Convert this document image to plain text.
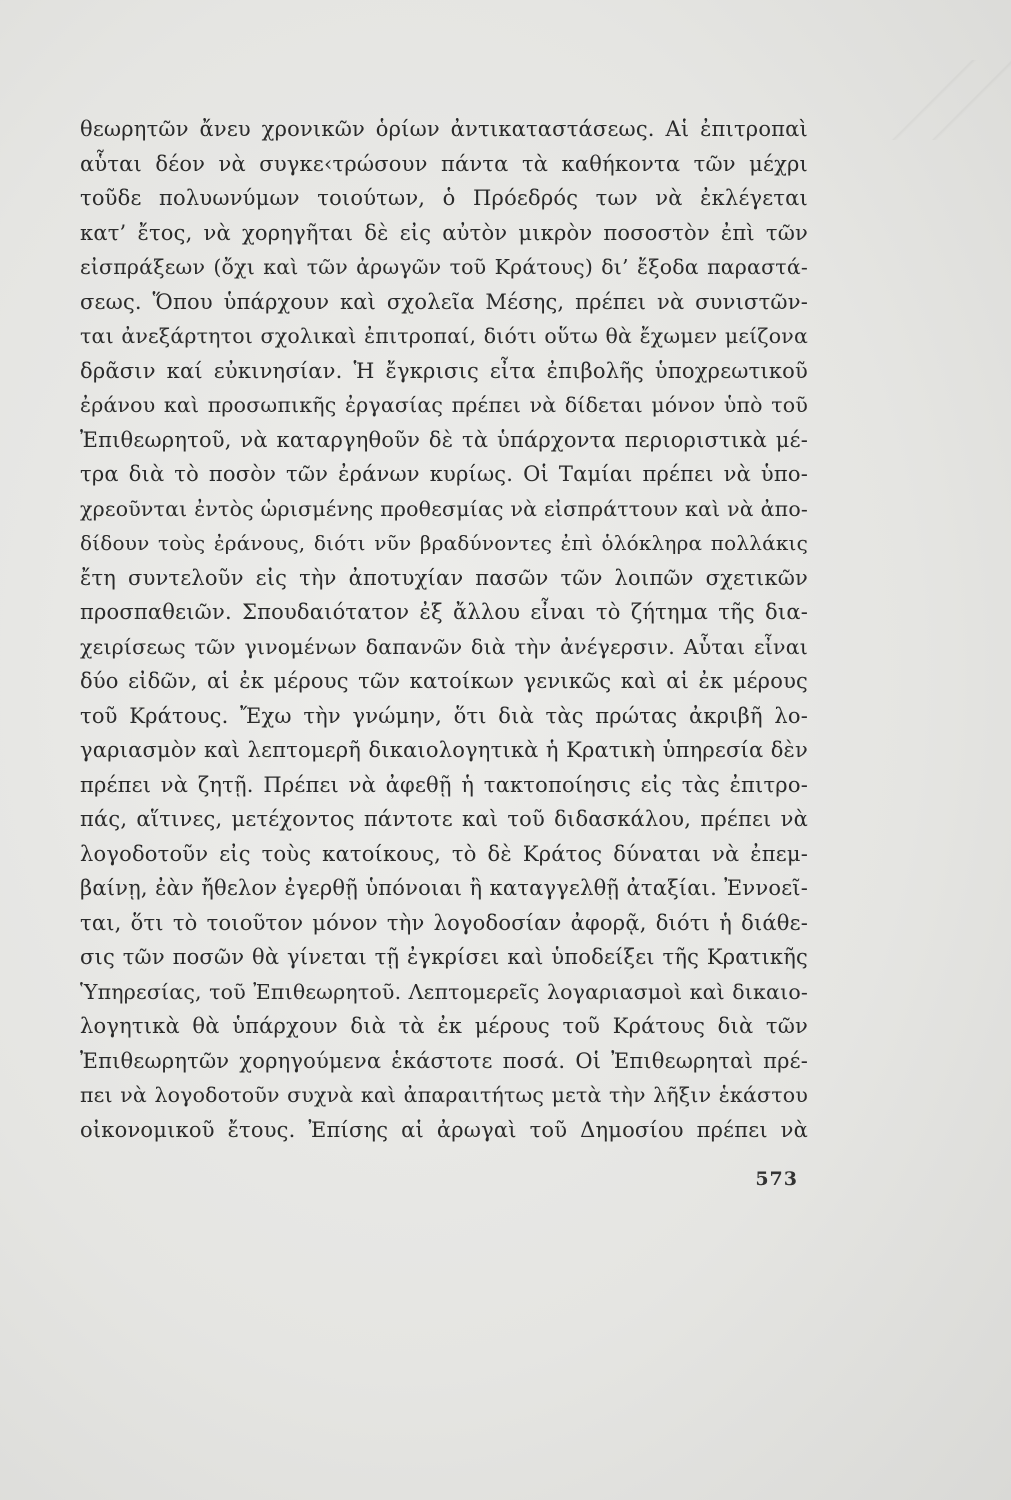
θεωρητῶν ἄνευ χρονικῶν ὁρίων ἀντικαταστάσεως. Αἱ ἐπιτροπαὶ
αὗται δέον νὰ συγκε‹τρώσουν πάντα τὰ καθήκοντα τῶν μέχρι
τοῦδε πολυωνύμων τοιούτων, ὁ Πρόεδρός των νὰ ἐκλέγεται
κατ’ ἔτος, νὰ χορηγῆται δὲ εἰς αὐτὸν μικρὸν ποσοστὸν ἐπὶ τῶν
εἰσπράξεων (ὄχι καὶ τῶν ἀρωγῶν τοῦ Κράτους) δι’ ἔξοδα παραστά-
σεως. Ὅπου ὑπάρχουν καὶ σχολεῖα Μέσης, πρέπει νὰ συνιστῶν-
ται ἀνεξάρτητοι σχολικαὶ ἐπιτροπαί, διότι οὕτω θὰ ἔχωμεν μείζονα
δρᾶσιν καί εὐκινησίαν. Ἡ ἔγκρισις εἶτα ἐπιβολῆς ὑποχρεωτικοῦ
ἐράνου καὶ προσωπικῆς ἐργασίας πρέπει νὰ δίδεται μόνον ὑπὸ τοῦ
Ἐπιθεωρητοῦ, νὰ καταργηθοῦν δὲ τὰ ὑπάρχοντα περιοριστικὰ μέ-
τρα διὰ τὸ ποσὸν τῶν ἐράνων κυρίως. Οἱ Ταμίαι πρέπει νὰ ὑπο-
χρεοῦνται ἐντὸς ὡρισμένης προθεσμίας νὰ εἰσπράττουν καὶ νὰ ἀπο-
δίδουν τοὺς ἐράνους, διότι νῦν βραδύνοντες ἐπὶ ὁλόκληρα πολλάκις
ἔτη συντελοῦν εἰς τὴν ἀποτυχίαν πασῶν τῶν λοιπῶν σχετικῶν
προσπαθειῶν. Σπουδαιότατον ἐξ ἄλλου εἶναι τὸ ζήτημα τῆς δια-
χειρίσεως τῶν γινομένων δαπανῶν διὰ τὴν ἀνέγερσιν. Αὗται εἶναι
δύο εἰδῶν, αἱ ἐκ μέρους τῶν κατοίκων γενικῶς καὶ αἱ ἐκ μέρους
τοῦ Κράτους. Ἔχω τὴν γνώμην, ὅτι διὰ τὰς πρώτας ἀκριβῆ λο-
γαριασμὸν καὶ λεπτομερῆ δικαιολογητικὰ ἡ Κρατικὴ ὑπηρεσία δὲν
πρέπει νὰ ζητῇ. Πρέπει νὰ ἀφεθῇ ἡ τακτοποίησις εἰς τὰς ἐπιτρο-
πάς, αἵτινες, μετέχοντος πάντοτε καὶ τοῦ διδασκάλου, πρέπει νὰ
λογοδοτοῦν εἰς τοὺς κατοίκους, τὸ δὲ Κράτος δύναται νὰ ἐπεμ-
βαίνῃ, ἐὰν ἤθελον ἐγερθῇ ὑπόνοιαι ἢ καταγγελθῇ ἀταξίαι. Ἐννοεῖ-
ται, ὅτι τὸ τοιοῦτον μόνον τὴν λογοδοσίαν ἀφορᾷ, διότι ἡ διάθε-
σις τῶν ποσῶν θὰ γίνεται τῇ ἐγκρίσει καὶ ὑποδείξει τῆς Κρατικῆς
Ὑπηρεσίας, τοῦ Ἐπιθεωρητοῦ. Λεπτομερεῖς λογαριασμοὶ καὶ δικαιο-
λογητικὰ θὰ ὑπάρχουν διὰ τὰ ἐκ μέρους τοῦ Κράτους διὰ τῶν
Ἐπιθεωρητῶν χορηγούμενα ἑκάστοτε ποσά. Οἱ Ἐπιθεωρηταὶ πρέ-
πει νὰ λογοδοτοῦν συχνὰ καὶ ἀπαραιτήτως μετὰ τὴν λῆξιν ἑκάστου
οἰκονομικοῦ ἔτους. Ἐπίσης αἱ ἀρωγαὶ τοῦ Δημοσίου πρέπει νὰ
573
